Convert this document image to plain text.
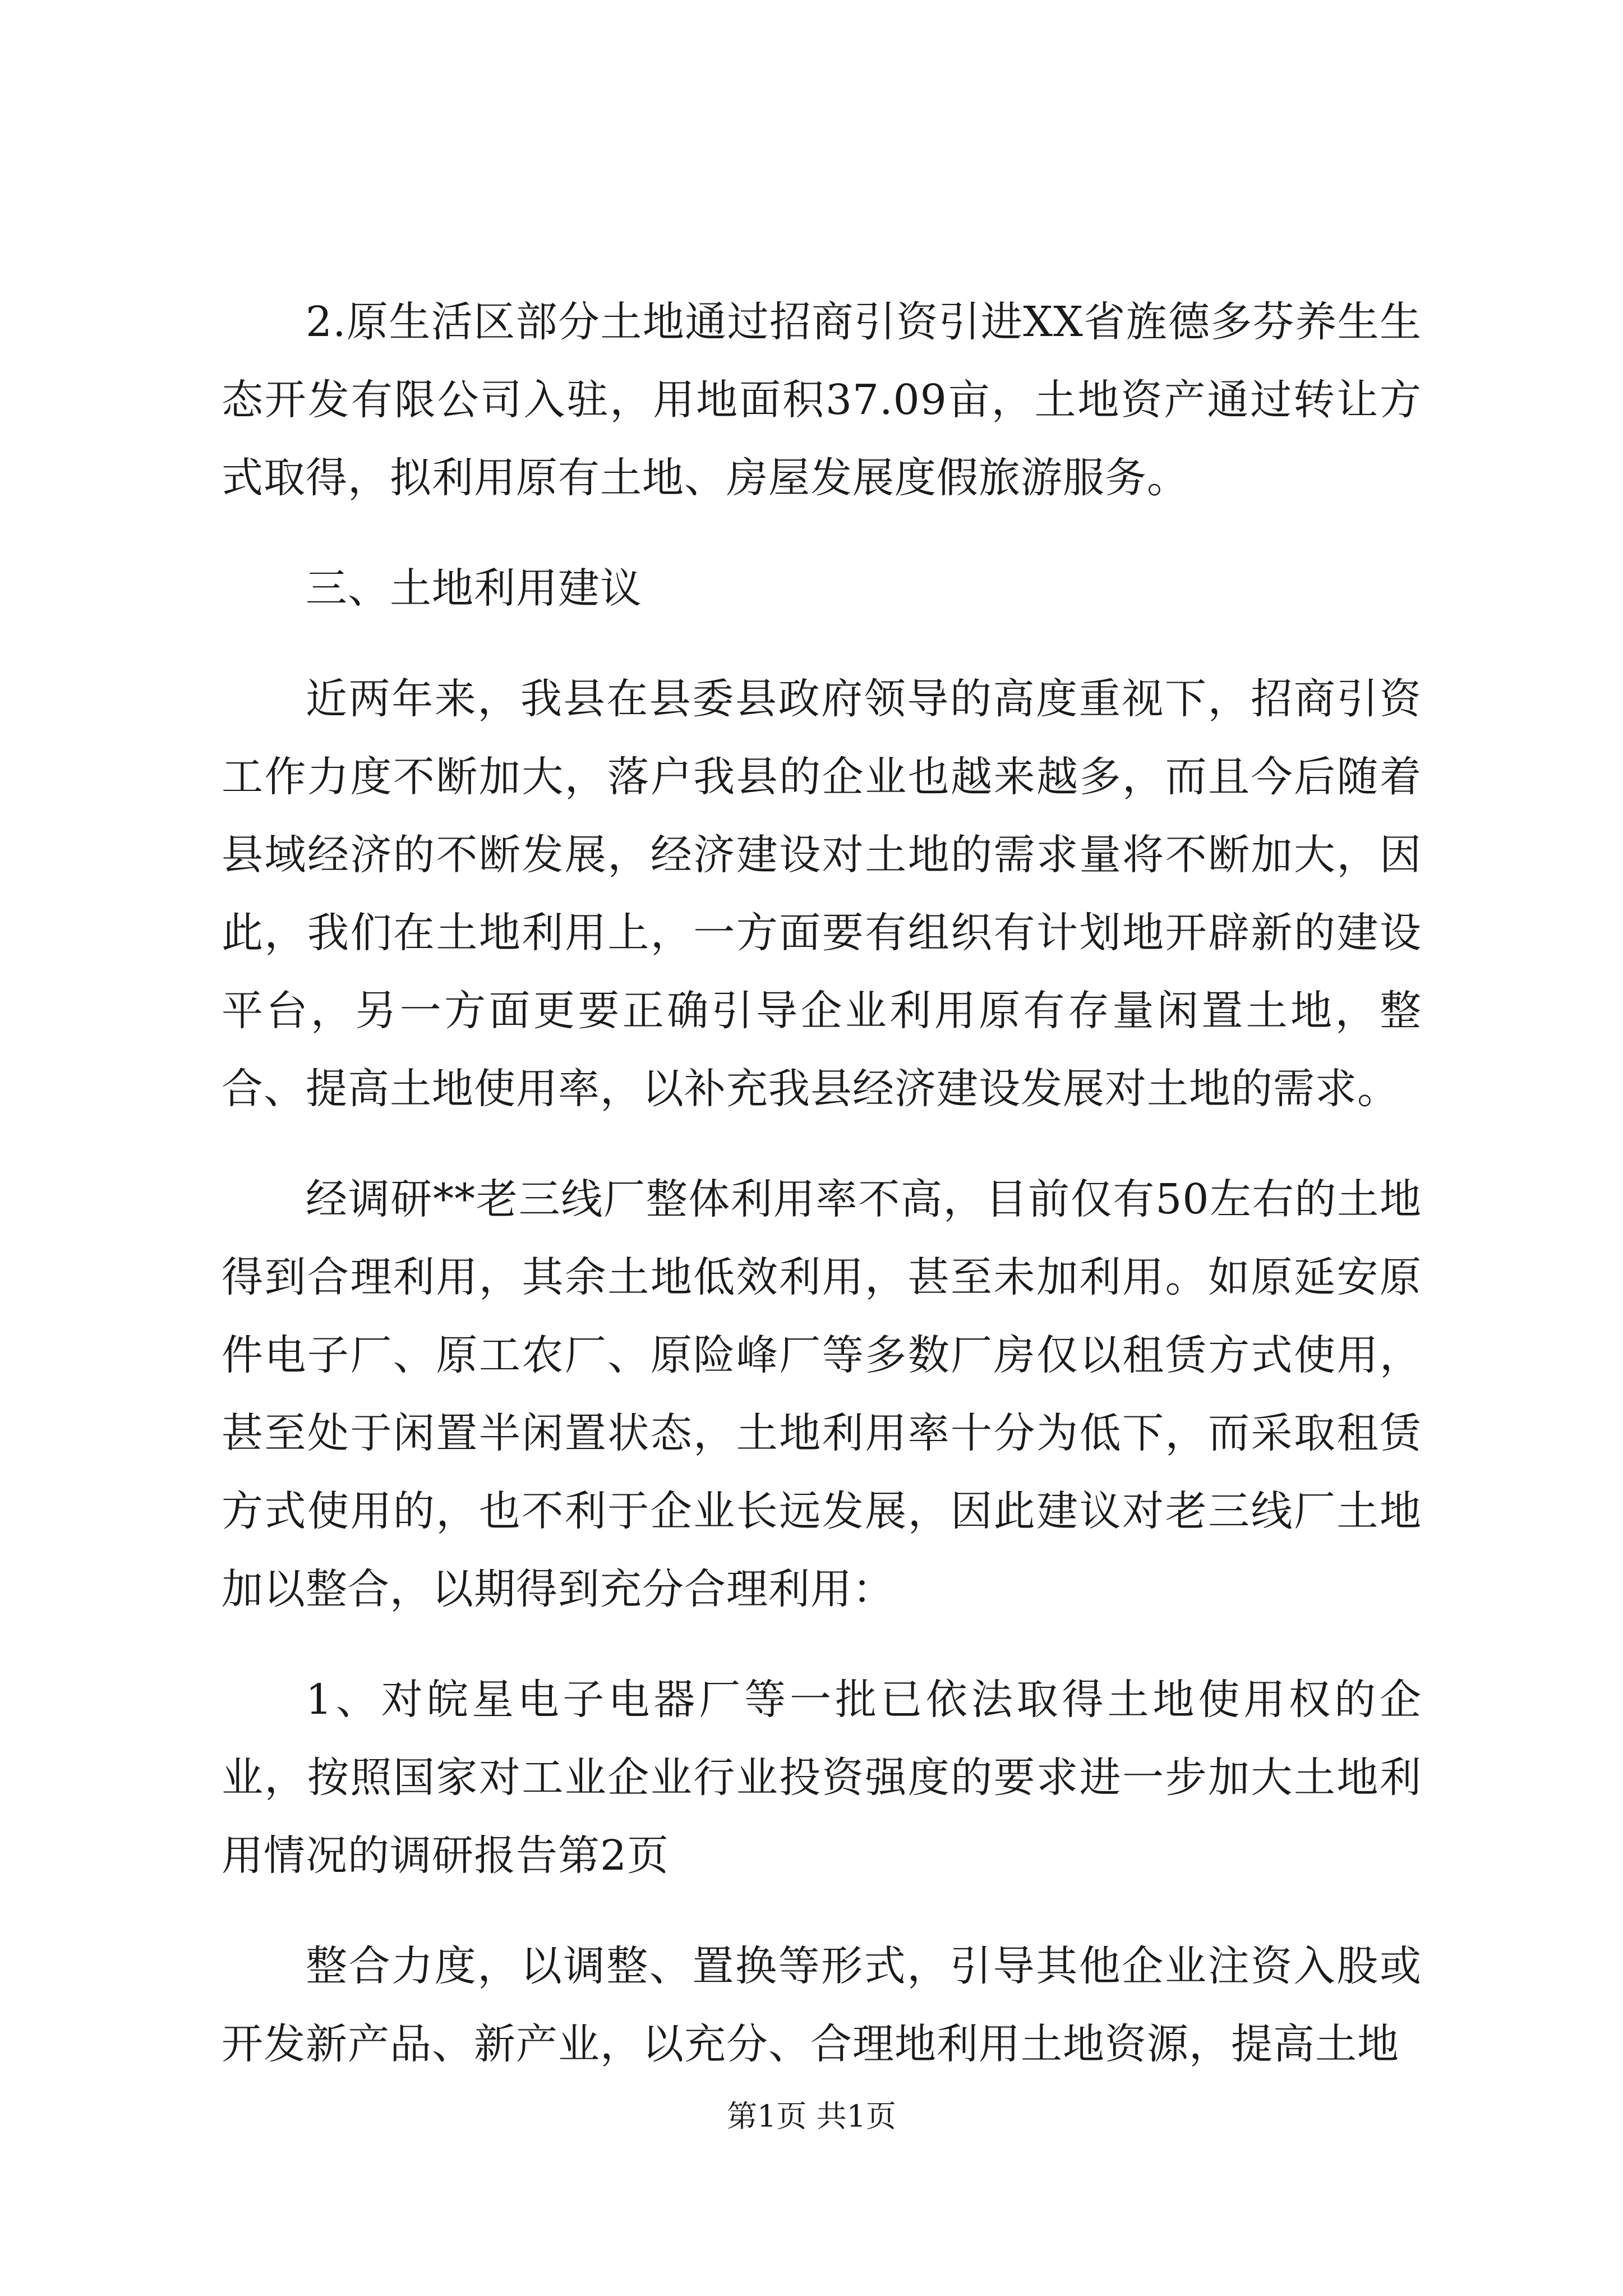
2.原生活区部分土地通过招商引资引进XX省旌德多芬养生生态开发有限公司入驻，用地面积37.09亩，土地资产通过转让方式取得，拟利用原有土地、房屋发展度假旅游服务。

三、土地利用建议

近两年来，我县在县委县政府领导的高度重视下，招商引资工作力度不断加大，落户我县的企业也越来越多，而且今后随着县域经济的不断发展，经济建设对土地的需求量将不断加大，因此，我们在土地利用上，一方面要有组织有计划地开辟新的建设平台，另一方面更要正确引导企业利用原有存量闲置土地，整合、提高土地使用率，以补充我县经济建设发展对土地的需求。

经调研**老三线厂整体利用率不高，目前仅有50左右的土地得到合理利用，其余土地低效利用，甚至未加利用。如原延安原件电子厂、原工农厂、原险峰厂等多数厂房仅以租赁方式使用，甚至处于闲置半闲置状态，土地利用率十分为低下，而采取租赁方式使用的，也不利于企业长远发展，因此建议对老三线厂土地加以整合，以期得到充分合理利用：

1、对皖星电子电器厂等一批已依法取得土地使用权的企业，按照国家对工业企业行业投资强度的要求进一步加大土地利用情况的调研报告第2页

整合力度，以调整、置换等形式，引导其他企业注资入股或开发新产品、新产业，以充分、合理地利用土地资源，提高土地

第1页 共1页
